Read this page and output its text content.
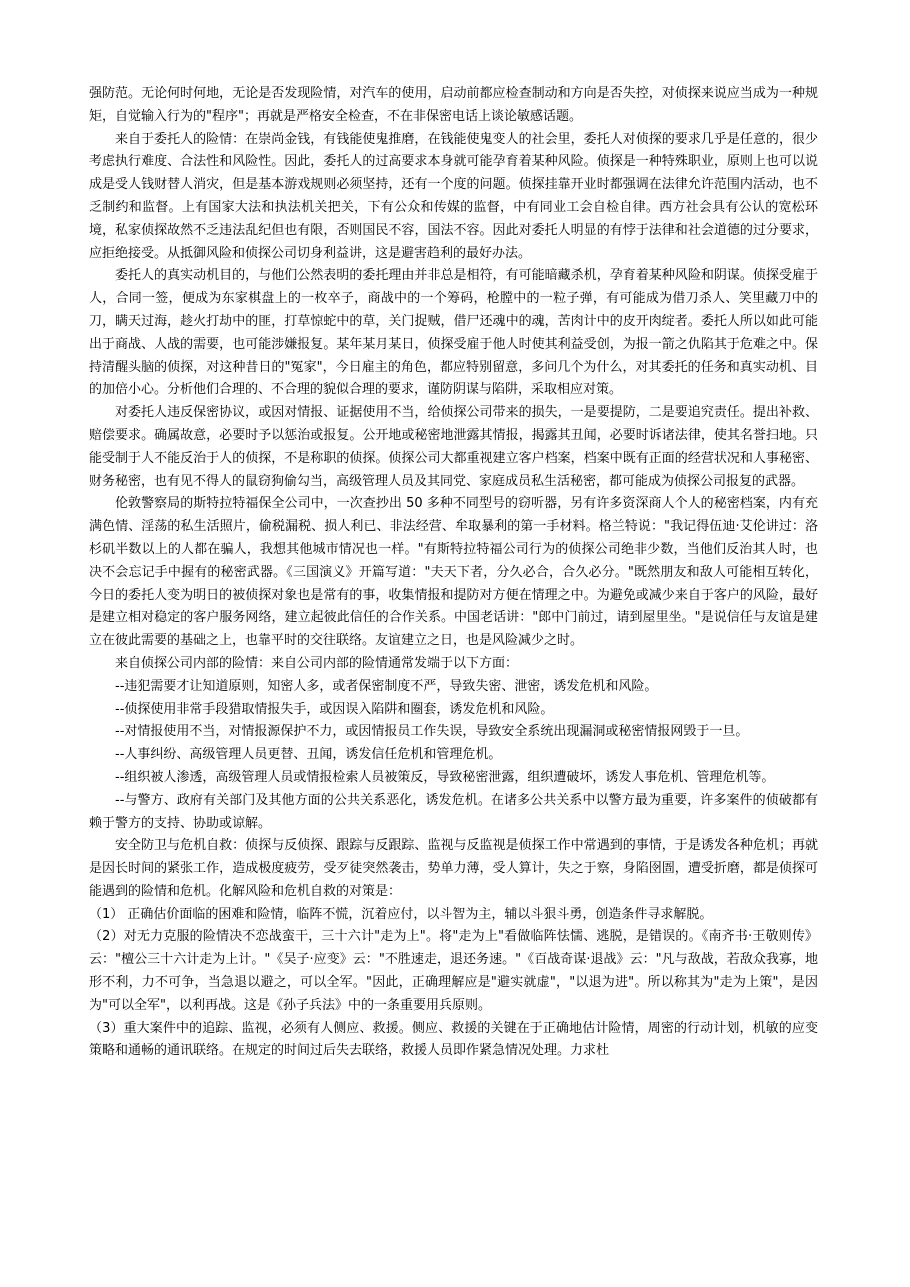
强防范。无论何时何地，无论是否发现险情，对汽车的使用，启动前都应检查制动和方向是否失控，对侦探来说应当成为一种规矩，自觉输入行为的"程序"；再就是严格安全检查，不在非保密电话上谈论敏感话题。

来自于委托人的险情：在崇尚金钱，有钱能使鬼推磨，在钱能使鬼变人的社会里，委托人对侦探的要求几乎是任意的，很少考虑执行难度、合法性和风险性。因此，委托人的过高要求本身就可能孕育着某种风险。侦探是一种特殊职业，原则上也可以说成是受人钱财替人消灾，但是基本游戏规则必须坚持，还有一个度的问题。侦探挂靠开业时都强调在法律允许范围内活动，也不乏制约和监督。上有国家大法和执法机关把关，下有公众和传媒的监督，中有同业工会自检自律。西方社会具有公认的宽松环境，私家侦探故然不乏违法乱纪但也有限，否则国民不容，国法不容。因此对委托人明显的有悖于法律和社会道德的过分要求，应拒绝接受。从抵御风险和侦探公司切身利益讲，这是避害趋利的最好办法。

委托人的真实动机目的，与他们公然表明的委托理由并非总是相符，有可能暗藏杀机，孕育着某种风险和阴谋。侦探受雇于人，合同一签，便成为东家棋盘上的一枚卒子，商战中的一个筹码，枪膛中的一粒子弹，有可能成为借刀杀人、笑里藏刀中的刀，瞒天过海，趁火打劫中的匪，打草惊蛇中的草，关门捉贼，借尸还魂中的魂，苦肉计中的皮开肉绽者。委托人所以如此可能出于商战、人战的需要，也可能涉嫌报复。某年某月某日，侦探受雇于他人时使其利益受创，为报一箭之仇陷其于危难之中。保持清醒头脑的侦探，对这种昔日的"冤家"，今日雇主的角色，都应特别留意，多问几个为什么，对其委托的任务和真实动机、目的加倍小心。分析他们合理的、不合理的貌似合理的要求，谨防阴谋与陷阱，采取相应对策。

对委托人违反保密协议，或因对情报、证据使用不当，给侦探公司带来的损失，一是要提防，二是要追究责任。提出补救、赔偿要求。确属故意，必要时予以惩治或报复。公开地或秘密地泄露其情报，揭露其丑闻，必要时诉诸法律，使其名誉扫地。只能受制于人不能反治于人的侦探，不是称职的侦探。侦探公司大都重视建立客户档案，档案中既有正面的经营状况和人事秘密、财务秘密，也有见不得人的鼠窃狗偷勾当，高级管理人员及其同党、家庭成员私生活秘密，都可能成为侦探公司报复的武器。

伦敦警察局的斯特拉特福保全公司中，一次查抄出 50 多种不同型号的窃听器，另有许多资深商人个人的秘密档案，内有充满色情、淫荡的私生活照片，偷税漏税、损人利已、非法经营、牟取暴利的第一手材料。格兰特说："我记得伍迪·艾伦讲过：洛杉矶半数以上的人都在骗人，我想其他城市情况也一样。"有斯特拉特福公司行为的侦探公司绝非少数，当他们反治其人时，也决不会忘记手中握有的秘密武器。《三国演义》开篇写道："夫天下者，分久必合，合久必分。"既然朋友和敌人可能相互转化，今日的委托人变为明日的被侦探对象也是常有的事，收集情报和提防对方便在情理之中。为避免或减少来自于客户的风险，最好是建立相对稳定的客户服务网络，建立起彼此信任的合作关系。中国老话讲："郎中门前过，请到屋里坐。"是说信任与友谊是建立在彼此需要的基础之上，也靠平时的交往联络。友谊建立之日，也是风险减少之时。

来自侦探公司内部的险情：来自公司内部的险情通常发端于以下方面：

--违犯需要才让知道原则，知密人多，或者保密制度不严，导致失密、泄密，诱发危机和风险。

--侦探使用非常手段猎取情报失手，或因误入陷阱和圈套，诱发危机和风险。

--对情报使用不当，对情报源保护不力，或因情报员工作失误，导致安全系统出现漏洞或秘密情报网毁于一旦。

--人事纠纷、高级管理人员更替、丑闻，诱发信任危机和管理危机。

--组织被人渗透，高级管理人员或情报检索人员被策反，导致秘密泄露，组织遭破坏，诱发人事危机、管理危机等。

--与警方、政府有关部门及其他方面的公共关系恶化，诱发危机。在诸多公共关系中以警方最为重要，许多案件的侦破都有赖于警方的支持、协助或谅解。

安全防卫与危机自救：侦探与反侦探、跟踪与反跟踪、监视与反监视是侦探工作中常遇到的事情，于是诱发各种危机；再就是因长时间的紧张工作，造成极度疲劳，受歹徒突然袭击，势单力薄，受人算计，失之于察，身陷囹圄，遭受折磨，都是侦探可能遇到的险情和危机。化解风险和危机自救的对策是：

（1） 正确估价面临的困难和险情，临阵不慌，沉着应付，以斗智为主，辅以斗狠斗勇，创造条件寻求解脱。

（2）对无力克服的险情决不恋战蛮干，三十六计"走为上"。将"走为上"看做临阵怯懦、逃脱，是错误的。《南齐书·王敬则传》云："檀公三十六计走为上计。"《吴子·应变》云："不胜速走，退还务速。"《百战奇谋·退战》云："凡与敌战，若敌众我寡，地形不利，力不可争，当急退以避之，可以全军。"因此，正确理解应是"避实就虚"，"以退为进"。所以称其为"走为上策"，是因为"可以全军"，以利再战。这是《孙子兵法》中的一条重要用兵原则。

（3）重大案件中的追踪、监视，必须有人侧应、救援。侧应、救援的关键在于正确地估计险情，周密的行动计划，机敏的应变策略和通畅的通讯联络。在规定的时间过后失去联络，救援人员即作紧急情况处理。力求杜
